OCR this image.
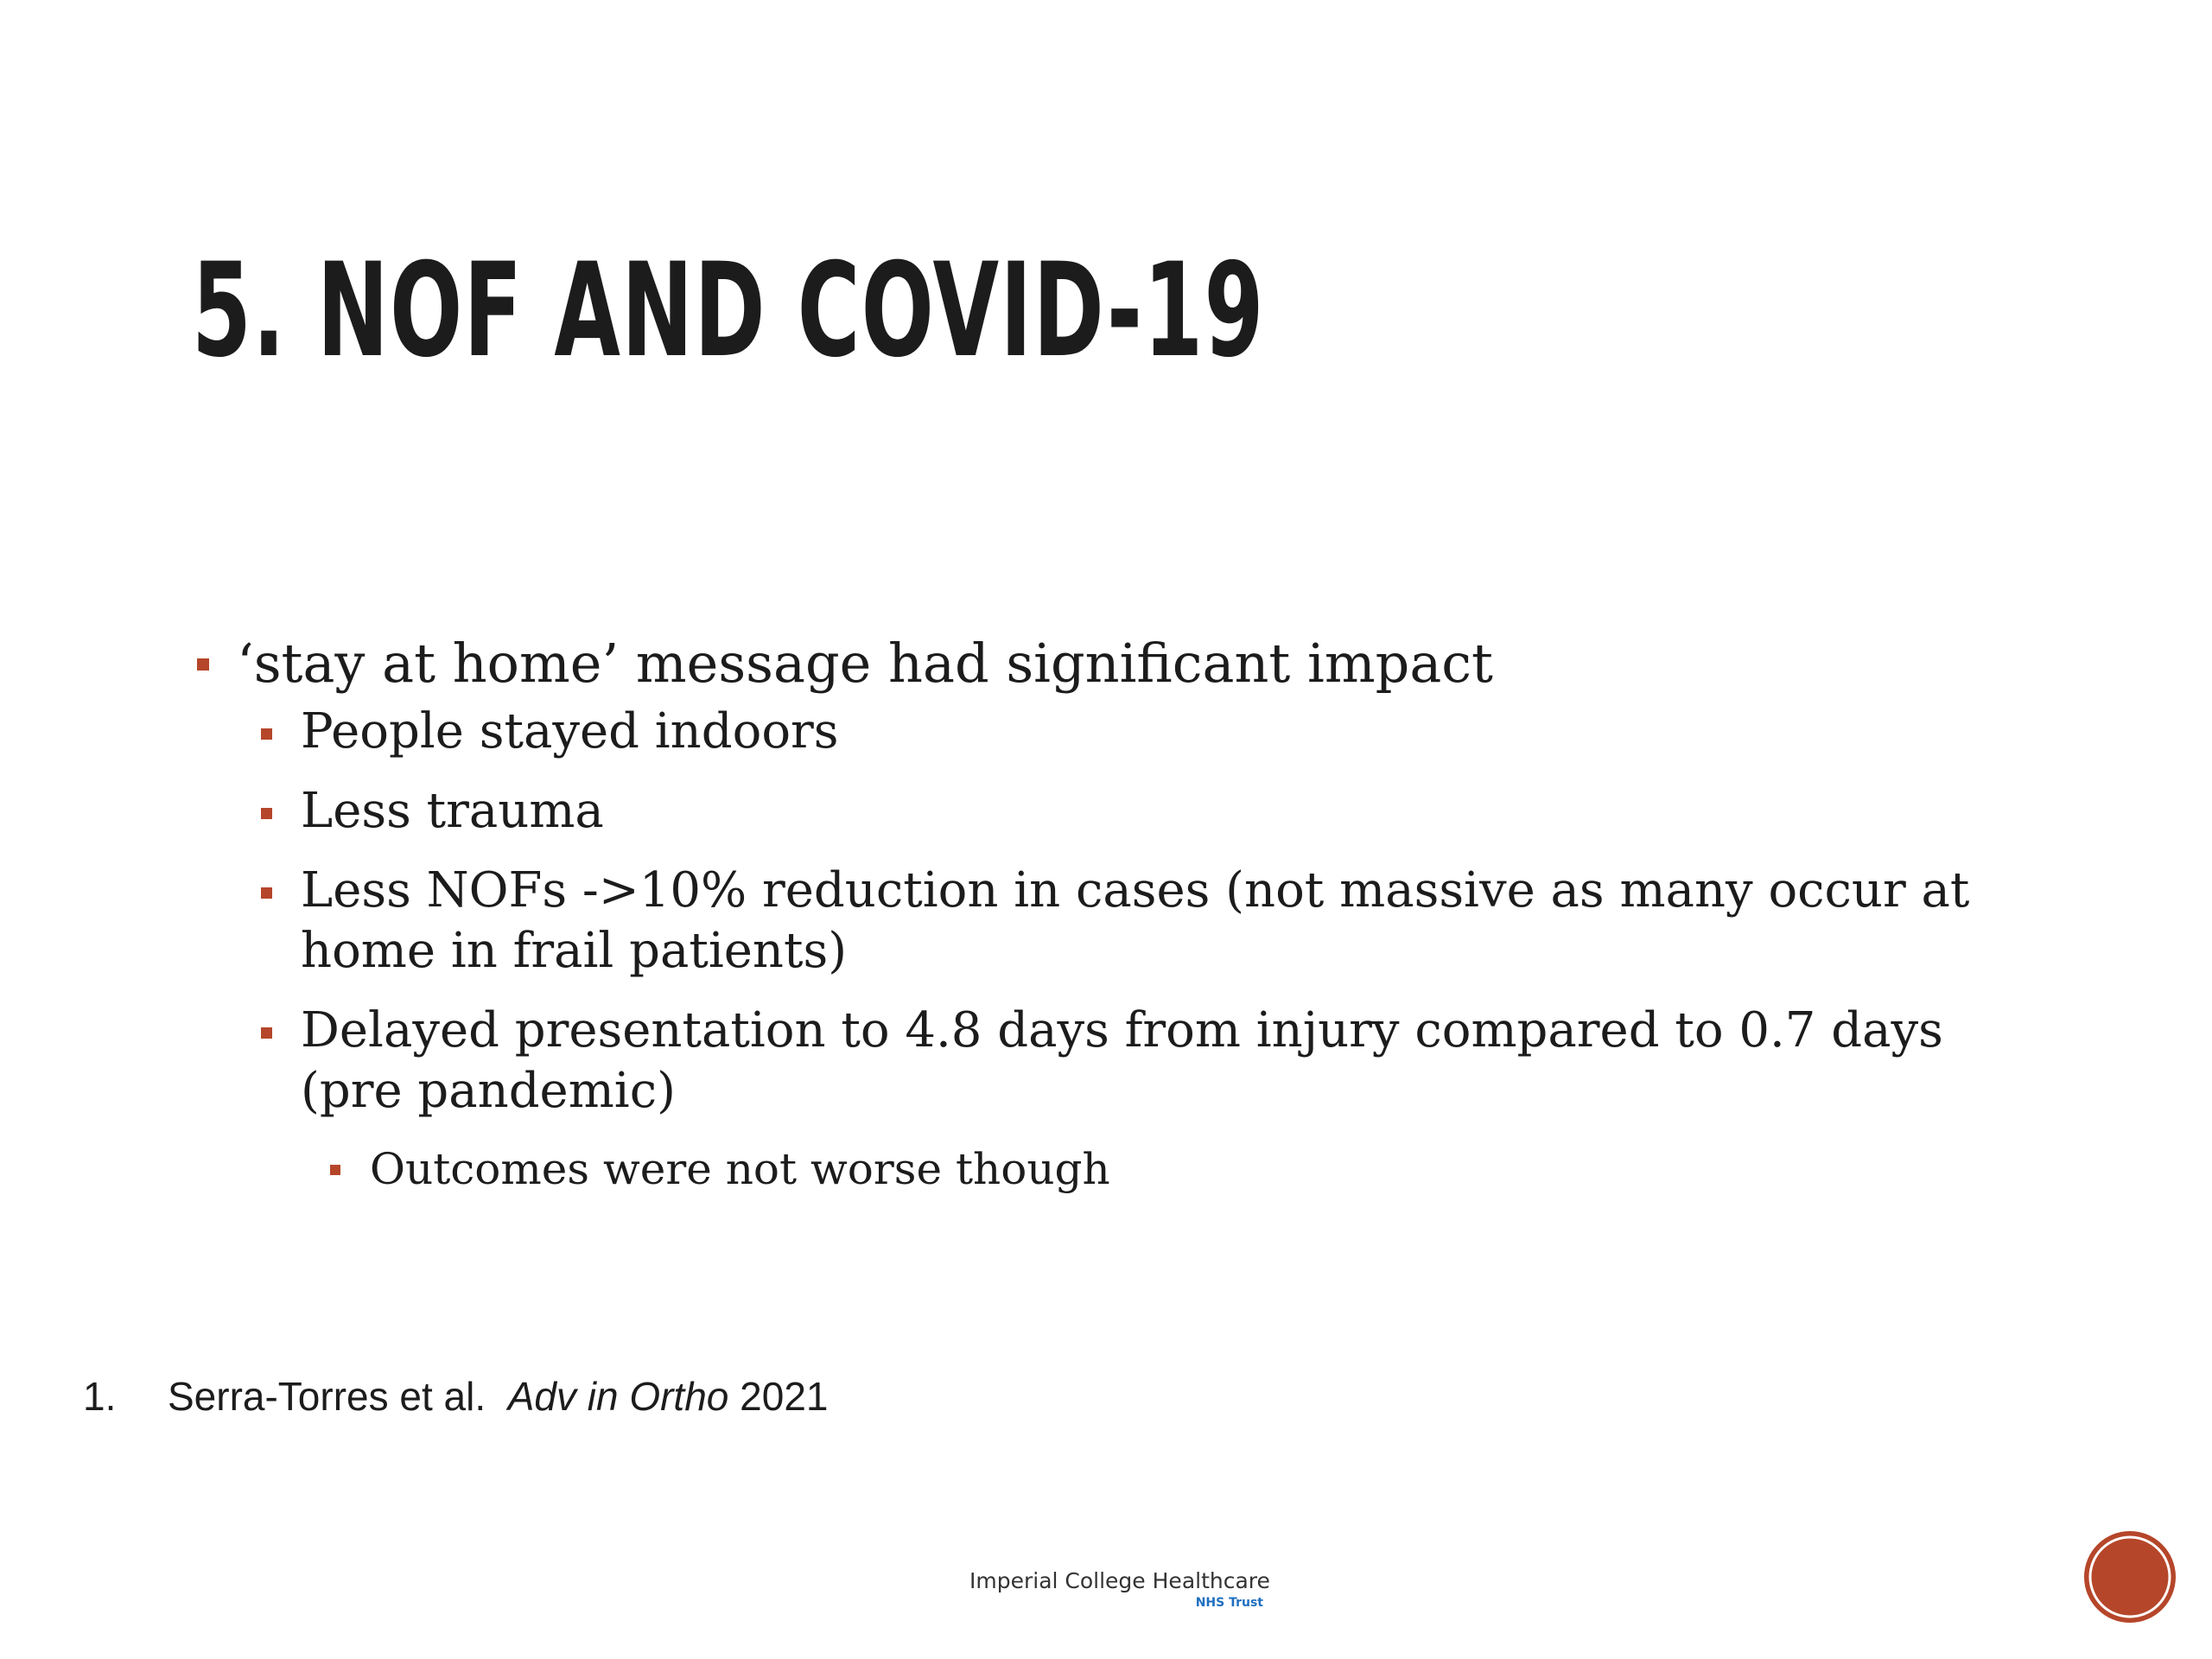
5. NOF AND COVID-19
‘stay at home’ message had significant impact
People stayed indoors
Less trauma
Less NOFs ->10% reduction in cases (not massive as many occur at home in frail patients)
Delayed presentation to 4.8 days from injury compared to 0.7 days (pre pandemic)
Outcomes were not worse though
1. Serra-Torres et al. Adv in Ortho 2021
Imperial College Healthcare
NHS Trust
